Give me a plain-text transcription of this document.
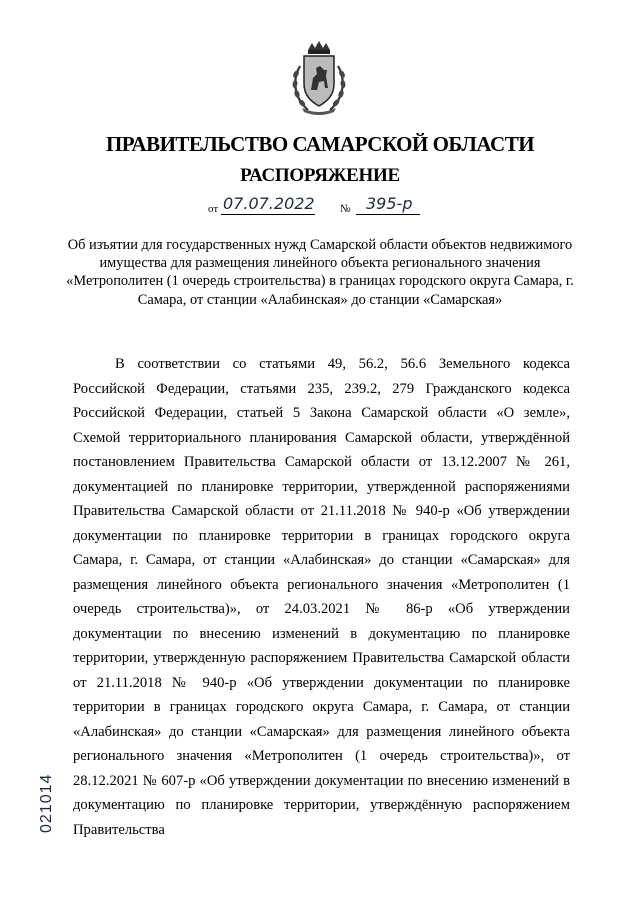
ПРАВИТЕЛЬСТВО САМАРСКОЙ ОБЛАСТИ
РАСПОРЯЖЕНИЕ
от 07.07.2022 № 395-р
Об изъятии для государственных нужд Самарской области объектов недвижимого имущества для размещения линейного объекта регионального значения «Метрополитен (1 очередь строительства) в границах городского округа Самара, г. Самара, от станции «Алабинская» до станции «Самарская»
В соответствии со статьями 49, 56.2, 56.6 Земельного кодекса Российской Федерации, статьями 235, 239.2, 279 Гражданского кодекса Российской Федерации, статьей 5 Закона Самарской области «О земле», Схемой территориального планирования Самарской области, утверждённой постановлением Правительства Самарской области от 13.12.2007 № 261, документацией по планировке территории, утвержденной распоряжениями Правительства Самарской области от 21.11.2018 № 940-р «Об утверждении документации по планировке территории в границах городского округа Самара, г. Самара, от станции «Алабинская» до станции «Самарская» для размещения линейного объекта регионального значения «Метрополитен (1 очередь строительства)», от 24.03.2021 № 86-р «Об утверждении документации по внесению изменений в документацию по планировке территории, утвержденную распоряжением Правительства Самарской области от 21.11.2018 № 940-р «Об утверждении документации по планировке территории в границах городского округа Самара, г. Самара, от станции «Алабинская» до станции «Самарская» для размещения линейного объекта регионального значения «Метрополитен (1 очередь строительства)», от 28.12.2021 № 607-р «Об утверждении документации по внесению изменений в документацию по планировке территории, утверждённую распоряжением Правительства
021014
